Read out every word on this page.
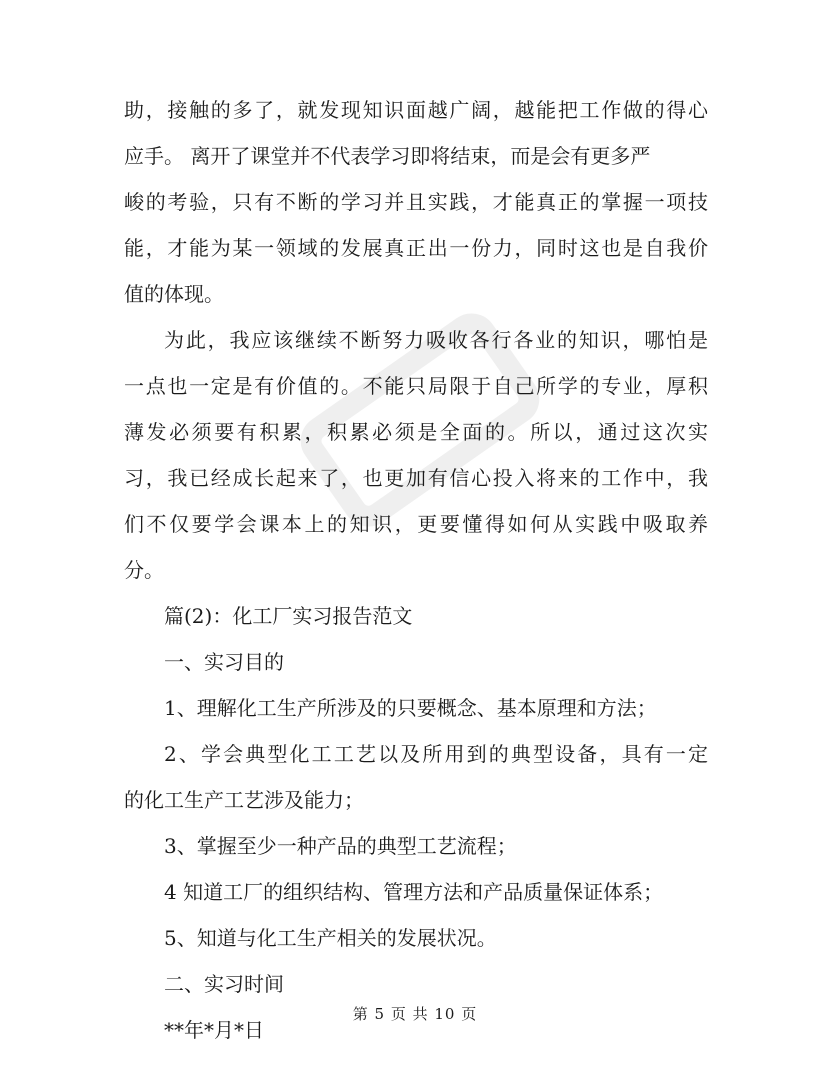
助，接触的多了，就发现知识面越广阔，越能把工作做的得心
应手。 离开了课堂并不代表学习即将结束，而是会有更多严
峻的考验，只有不断的学习并且实践，才能真正的掌握一项技
能，才能为某一领域的发展真正出一份力，同时这也是自我价
值的体现。
为此，我应该继续不断努力吸收各行各业的知识，哪怕是
一点也一定是有价值的。不能只局限于自己所学的专业，厚积
薄发必须要有积累，积累必须是全面的。所以，通过这次实
习，我已经成长起来了，也更加有信心投入将来的工作中，我
们不仅要学会课本上的知识，更要懂得如何从实践中吸取养
分。
篇(2)：化工厂实习报告范文
一、实习目的
1、理解化工生产所涉及的只要概念、基本原理和方法；
2、学会典型化工工艺以及所用到的典型设备，具有一定
的化工生产工艺涉及能力；
3、掌握至少一种产品的典型工艺流程；
4 知道工厂的组织结构、管理方法和产品质量保证体系；
5、知道与化工生产相关的发展状况。
二、实习时间
**年*月*日
第 5 页 共 10 页
